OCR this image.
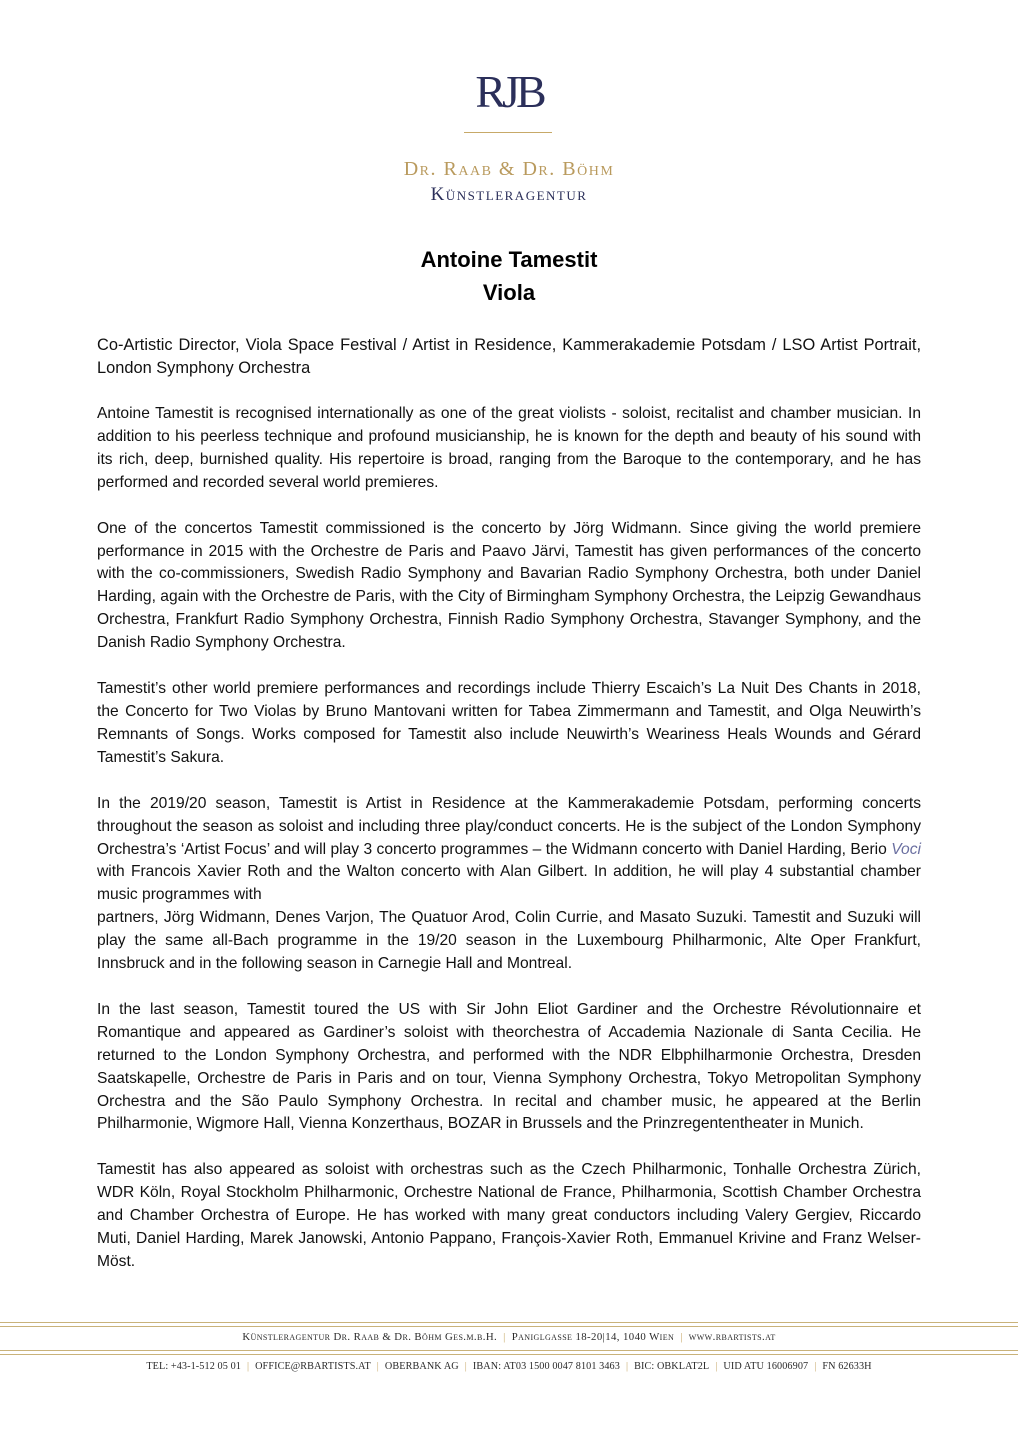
RJB
Dr. Raab & Dr. Böhm
Künstleragentur
Antoine Tamestit
Viola

Co-Artistic Director, Viola Space Festival / Artist in Residence, Kammerakademie Potsdam / LSO Artist Portrait, London Symphony Orchestra

Antoine Tamestit is recognised internationally as one of the great violists - soloist, recitalist and chamber musician. In addition to his peerless technique and profound musicianship, he is known for the depth and beauty of his sound with its rich, deep, burnished quality. His repertoire is broad, ranging from the Baroque to the contemporary, and he has performed and recorded several world premieres.

One of the concertos Tamestit commissioned is the concerto by Jörg Widmann. Since giving the world premiere performance in 2015 with the Orchestre de Paris and Paavo Järvi, Tamestit has given performances of the concerto with the co-commissioners, Swedish Radio Symphony and Bavarian Radio Symphony Orchestra, both under Daniel Harding, again with the Orchestre de Paris, with the City of Birmingham Symphony Orchestra, the Leipzig Gewandhaus Orchestra, Frankfurt Radio Symphony Orchestra, Finnish Radio Symphony Orchestra, Stavanger Symphony, and the Danish Radio Symphony Orchestra.

Tamestit’s other world premiere performances and recordings include Thierry Escaich’s La Nuit Des Chants in 2018, the Concerto for Two Violas by Bruno Mantovani written for Tabea Zimmermann and Tamestit, and Olga Neuwirth’s Remnants of Songs. Works composed for Tamestit also include Neuwirth’s Weariness Heals Wounds and Gérard Tamestit’s Sakura.

In the 2019/20 season, Tamestit is Artist in Residence at the Kammerakademie Potsdam, performing concerts throughout the season as soloist and including three play/conduct concerts. He is the subject of the London Symphony Orchestra’s ‘Artist Focus’ and will play 3 concerto programmes – the Widmann concerto with Daniel Harding, Berio Voci with Francois Xavier Roth and the Walton concerto with Alan Gilbert. In addition, he will play 4 substantial chamber music programmes with

partners, Jörg Widmann, Denes Varjon, The Quatuor Arod, Colin Currie, and Masato Suzuki. Tamestit and Suzuki will play the same all-Bach programme in the 19/20 season in the Luxembourg Philharmonic, Alte Oper Frankfurt, Innsbruck and in the following season in Carnegie Hall and Montreal.

In the last season, Tamestit toured the US with Sir John Eliot Gardiner and the Orchestre Révolutionnaire et Romantique and appeared as Gardiner’s soloist with theorchestra of Accademia Nazionale di Santa Cecilia. He returned to the London Symphony Orchestra, and performed with the NDR Elbphilharmonie Orchestra, Dresden Saatskapelle, Orchestre de Paris in Paris and on tour, Vienna Symphony Orchestra, Tokyo Metropolitan Symphony Orchestra and the São Paulo Symphony Orchestra. In recital and chamber music, he appeared at the Berlin Philharmonie, Wigmore Hall, Vienna Konzerthaus, BOZAR in Brussels and the Prinzregententheater in Munich.

Tamestit has also appeared as soloist with orchestras such as the Czech Philharmonic, Tonhalle Orchestra Zürich, WDR Köln, Royal Stockholm Philharmonic, Orchestre National de France, Philharmonia, Scottish Chamber Orchestra and Chamber Orchestra of Europe. He has worked with many great conductors including Valery Gergiev, Riccardo Muti, Daniel Harding, Marek Janowski, Antonio Pappano, François-Xavier Roth, Emmanuel Krivine and Franz Welser-Möst.

Künstleragentur Dr. Raab & Dr. Böhm Ges.m.b.H. | Paniglgasse 18-20|14, 1040 Wien | www.rbartists.at
TEL: +43-1-512 05 01 | OFFICE@RBARTISTS.AT | OBERBANK AG | IBAN: AT03 1500 0047 8101 3463 | BIC: OBKLAT2L | UID ATU 16006907 | FN 62633H
